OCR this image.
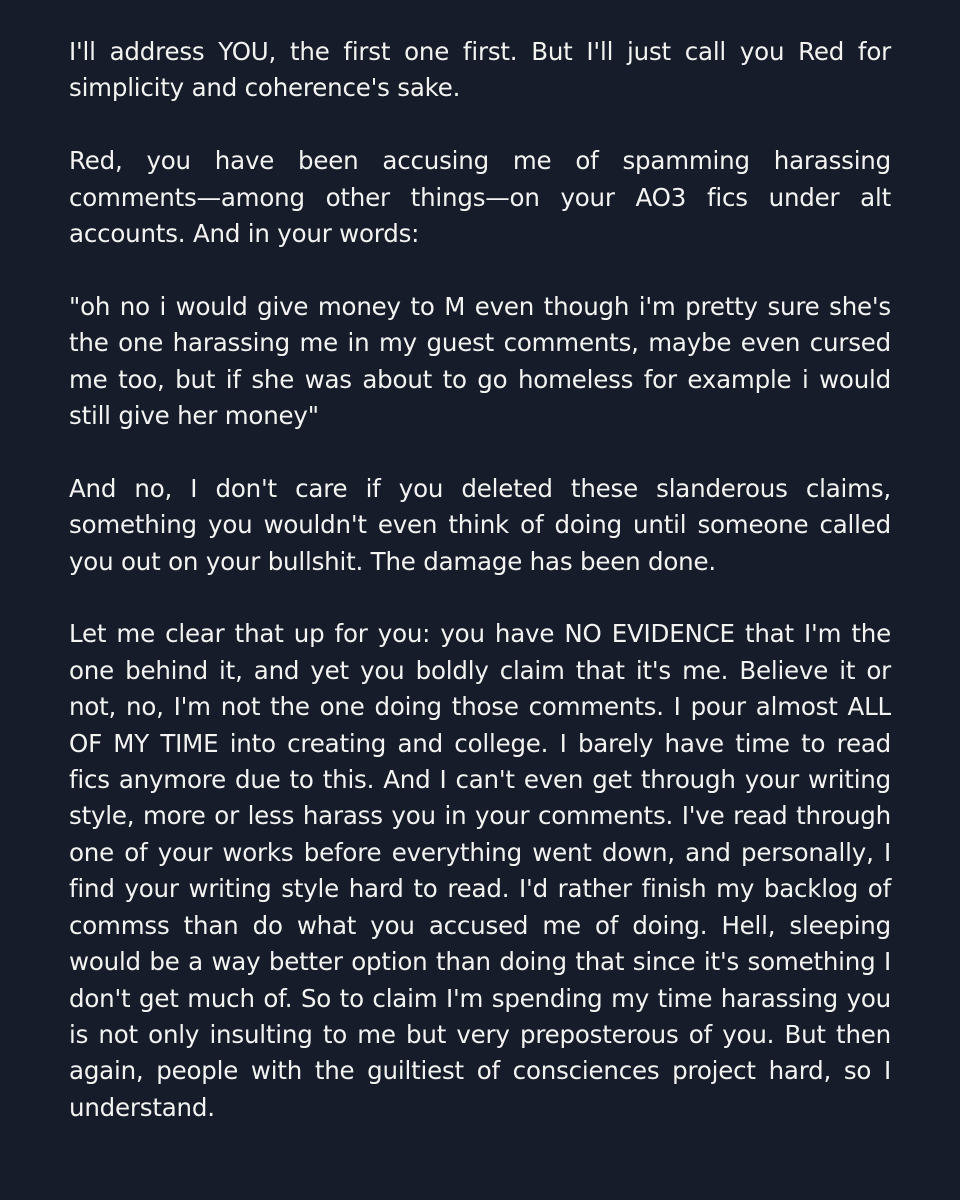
I'll address YOU, the first one first. But I'll just call you Red for simplicity and coherence's sake.

Red, you have been accusing me of spamming harassing comments—among other things—on your AO3 fics under alt accounts. And in your words:

"oh no i would give money to M even though i'm pretty sure she's the one harassing me in my guest comments, maybe even cursed me too, but if she was about to go homeless for example i would still give her money"

And no, I don't care if you deleted these slanderous claims, something you wouldn't even think of doing until someone called you out on your bullshit. The damage has been done.

Let me clear that up for you: you have NO EVIDENCE that I'm the one behind it, and yet you boldly claim that it's me. Believe it or not, no, I'm not the one doing those comments. I pour almost ALL OF MY TIME into creating and college. I barely have time to read fics anymore due to this. And I can't even get through your writing style, more or less harass you in your comments. I've read through one of your works before everything went down, and personally, I find your writing style hard to read. I'd rather finish my backlog of commss than do what you accused me of doing. Hell, sleeping would be a way better option than doing that since it's something I don't get much of. So to claim I'm spending my time harassing you is not only insulting to me but very preposterous of you. But then again, people with the guiltiest of consciences project hard, so I understand.
